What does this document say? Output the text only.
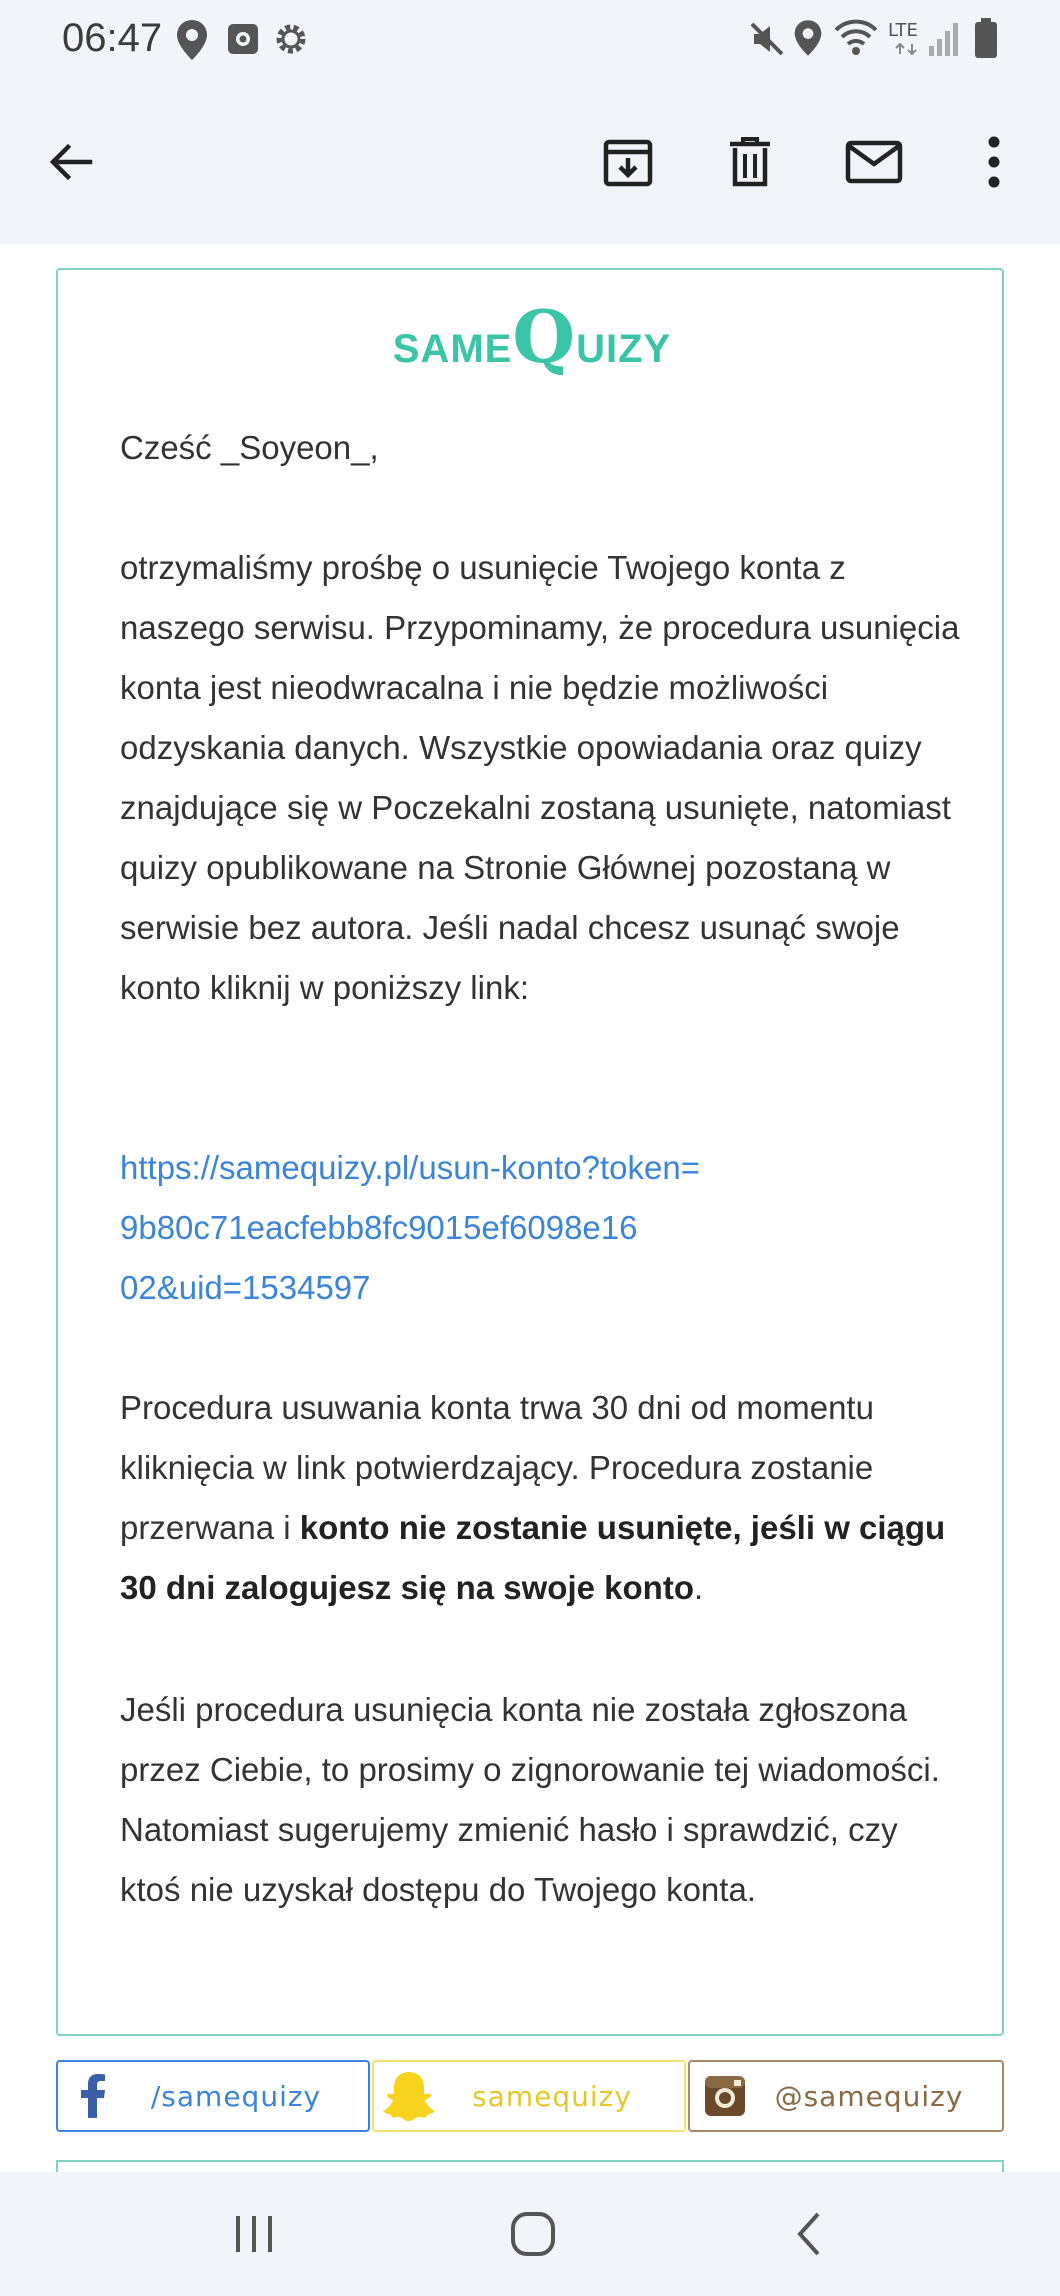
06:47	LTE
SAMEQUIZY
Cześć _Soyeon_,
otrzymaliśmy prośbę o usunięcie Twojego konta z naszego serwisu. Przypominamy, że procedura usunięcia konta jest nieodwracalna i nie będzie możliwości odzyskania danych. Wszystkie opowiadania oraz quizy znajdujące się w Poczekalni zostaną usunięte, natomiast quizy opublikowane na Stronie Głównej pozostaną w serwisie bez autora. Jeśli nadal chcesz usunąć swoje konto kliknij w poniższy link:
https://samequizy.pl/usun-konto?token=
9b80c71eacfebb8fc9015ef6098e16
02&uid=1534597
Procedura usuwania konta trwa 30 dni od momentu kliknięcia w link potwierdzający. Procedura zostanie przerwana i konto nie zostanie usunięte, jeśli w ciągu 30 dni zalogujesz się na swoje konto.
Jeśli procedura usunięcia konta nie została zgłoszona przez Ciebie, to prosimy o zignorowanie tej wiadomości. Natomiast sugerujemy zmienić hasło i sprawdzić, czy ktoś nie uzyskał dostępu do Twojego konta.
/samequizy	samequizy	@samequizy
